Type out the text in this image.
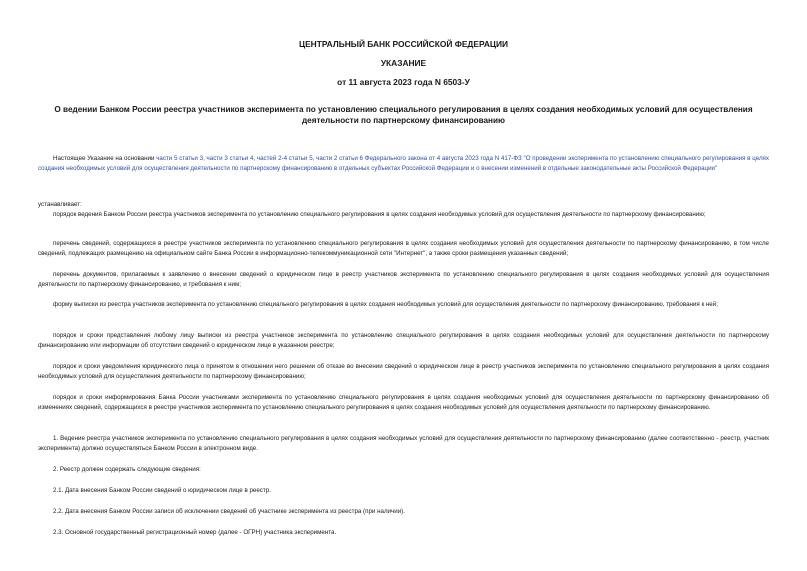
ЦЕНТРАЛЬНЫЙ БАНК РОССИЙСКОЙ ФЕДЕРАЦИИ
УКАЗАНИЕ
от 11 августа 2023 года N 6503-У
О ведении Банком России реестра участников эксперимента по установлению специального регулирования в целях создания необходимых условий для осуществления деятельности по партнерскому финансированию
Настоящее Указание на основании части 5 статьи 3, части 3 статьи 4, частей 2-4 статьи 5, части 2 статьи 6 Федерального закона от 4 августа 2023 года N 417-ФЗ "О проведении эксперимента по установлению специального регулирования в целях создания необходимых условий для осуществления деятельности по партнерскому финансированию в отдельных субъектах Российской Федерации и о внесении изменений в отдельные законодательные акты Российской Федерации"
устанавливает:
порядок ведения Банком России реестра участников эксперимента по установлению специального регулирования в целях создания необходимых условий для осуществления деятельности по партнерскому финансированию;
перечень сведений, содержащихся в реестре участников эксперимента по установлению специального регулирования в целях создания необходимых условий для осуществления деятельности по партнерскому финансированию, в том числе сведений, подлежащих размещению на официальном сайте Банка России в информационно-телекоммуникационной сети "Интернет", а также сроки размещения указанных сведений;
перечень документов, прилагаемых к заявлению о внесении сведений о юридическом лице в реестр участников эксперимента по установлению специального регулирования в целях создания необходимых условий для осуществления деятельности по партнерскому финансированию, и требования к ним;
форму выписки из реестра участников эксперимента по установлению специального регулирования в целях создания необходимых условий для осуществления деятельности по партнерскому финансированию, требования к ней;
порядок и сроки представления любому лицу выписки из реестра участников эксперимента по установлению специального регулирования в целях создания необходимых условий для осуществления деятельности по партнерскому финансированию или информации об отсутствии сведений о юридическом лице в указанном реестре;
порядок и сроки уведомления юридического лица о принятом в отношении него решении об отказе во внесении сведений о юридическом лице в реестр участников эксперимента по установлению специального регулирования в целях создания необходимых условий для осуществления деятельности по партнерскому финансированию;
порядок и сроки информирования Банка России участниками эксперимента по установлению специального регулирования в целях создания необходимых условий для осуществления деятельности по партнерскому финансированию об изменениях сведений, содержащихся в реестре участников эксперимента по установлению специального регулирования в целях создания необходимых условий для осуществления деятельности по партнерскому финансированию.
1. Ведение реестра участников эксперимента по установлению специального регулирования в целях создания необходимых условий для осуществления деятельности по партнерскому финансированию (далее соответственно - реестр, участник эксперимента) должно осуществляться Банком России в электронном виде.
2. Реестр должен содержать следующие сведения:
2.1. Дата внесения Банком России сведений о юридическом лице в реестр.
2.2. Дата внесения Банком России записи об исключении сведений об участнике эксперимента из реестра (при наличии).
2.3. Основной государственный регистрационный номер (далее - ОГРН) участника эксперимента.
